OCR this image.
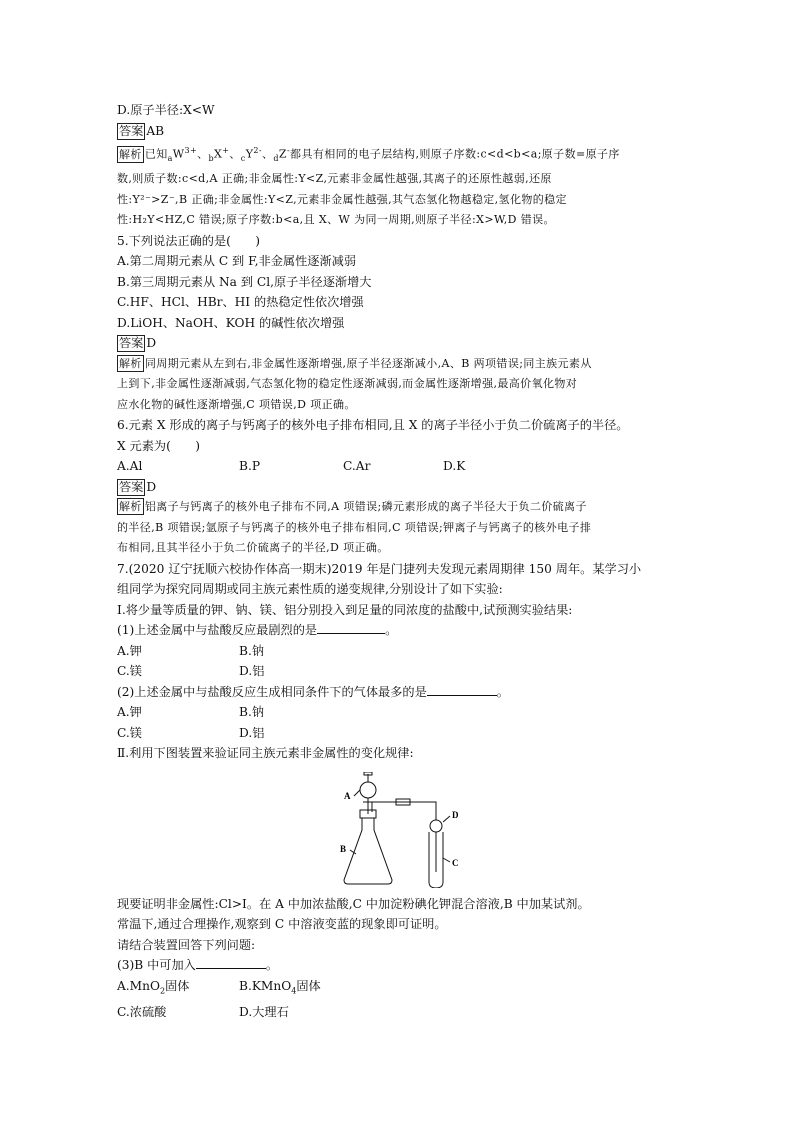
D.原子半径:X<W
答案 AB
解析 已知$_aW^{3+}$、$_b$X+、$_cY^{2-}$、$_d$Z-都具有相同的电子层结构,则原子序数:c<d<b<a;原子数=原子序
数,则质子数:c<d,A 正确;非金属性:Y<Z,元素非金属性越强,其离子的还原性越弱,还原
性:Y²⁻>Z⁻,B 正确;非金属性:Y<Z,元素非金属性越强,其气态氢化物越稳定,氢化物的稳定
性:H₂Y<HZ,C 错误;原子序数:b<a,且 X、W 为同一周期,则原子半径:X>W,D 错误。
5.下列说法正确的是(　　)
A.第二周期元素从 C 到 F,非金属性逐渐减弱
B.第三周期元素从 Na 到 Cl,原子半径逐渐增大
C.HF、HCl、HBr、HI 的热稳定性依次增强
D.LiOH、NaOH、KOH 的碱性依次增强
答案 D
解析 同周期元素从左到右,非金属性逐渐增强,原子半径逐渐减小,A、B 两项错误;同主族元素从
上到下,非金属性逐渐减弱,气态氢化物的稳定性逐渐减弱,而金属性逐渐增强,最高价氧化物对
应水化物的碱性逐渐增强,C 项错误,D 项正确。
6.元素 X 形成的离子与钙离子的核外电子排布相同,且 X 的离子半径小于负二价硫离子的半径。
X 元素为(　　)
A.Al	B.P	C.Ar	D.K
答案 D
解析 铝离子与钙离子的核外电子排布不同,A 项错误;磷元素形成的离子半径大于负二价硫离子
的半径,B 项错误;氩原子与钙离子的核外电子排布相同,C 项错误;钾离子与钙离子的核外电子排
布相同,且其半径小于负二价硫离子的半径,D 项正确。
7.(2020 辽宁抚顺六校协作体高一期末)2019 年是门捷列夫发现元素周期律 150 周年。某学习小
组同学为探究同周期或同主族元素性质的递变规律,分别设计了如下实验:
Ⅰ.将少量等质量的钾、钠、镁、铝分别投入到足量的同浓度的盐酸中,试预测实验结果:
(1)上述金属中与盐酸反应最剧烈的是	。
A.钾	B.钠
C.镁	D.铝
(2)上述金属中与盐酸反应生成相同条件下的气体最多的是	。
A.钾	B.钠
C.镁	D.铝
Ⅱ.利用下图装置来验证同主族元素非金属性的变化规律:
现要证明非金属性:Cl>I。在 A 中加浓盐酸,C 中加淀粉碘化钾混合溶液,B 中加某试剂。
常温下,通过合理操作,观察到 C 中溶液变蓝的现象即可证明。
请结合装置回答下列问题:
(3)B 中可加入	。
A.MnO$_2$固体	B.KMnO$_4$固体
C.浓硫酸	D.大理石
A
B
C
D
